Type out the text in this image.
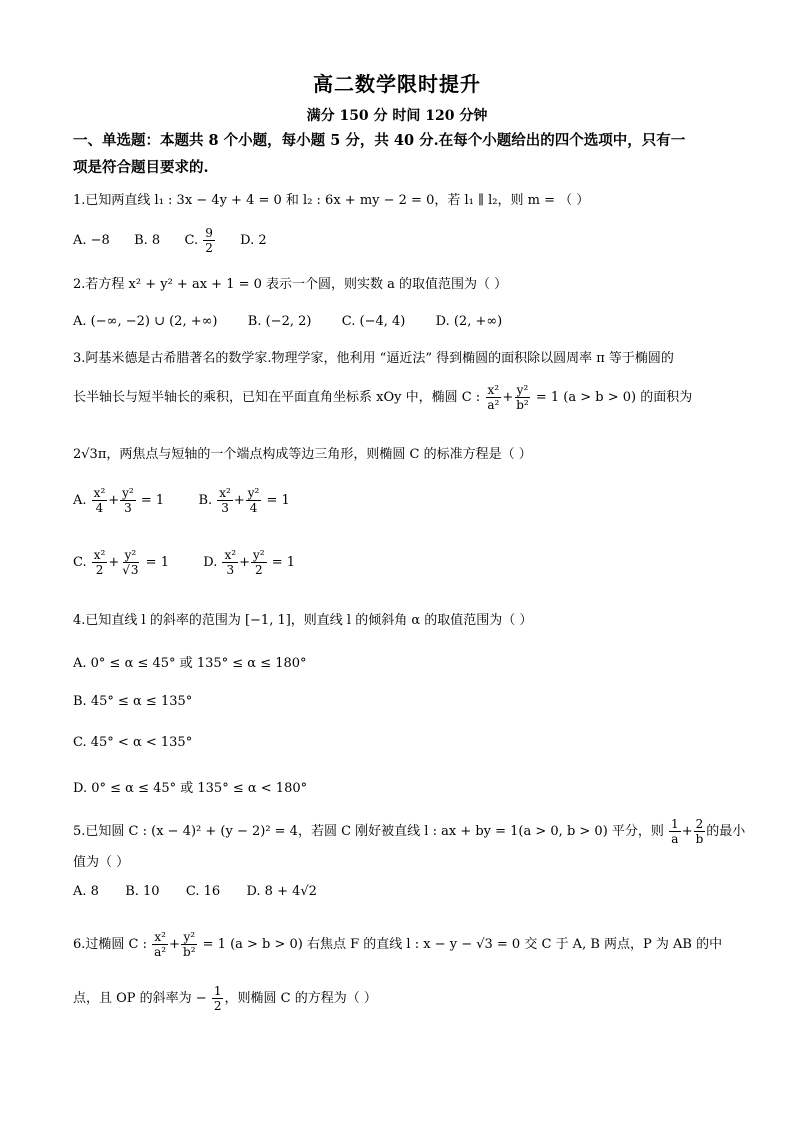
高二数学限时提升
满分 150 分 时间 120 分钟
一、单选题：本题共 8 个小题，每小题 5 分，共 40 分.在每个小题给出的四个选项中，只有一
项是符合题目要求的.
1.已知两直线 l₁ : 3x − 4y + 4 = 0 和 l₂ : 6x + my − 2 = 0，若 l₁ ∥ l₂，则 m = （ ）
A. −8 B. 8 C. $\frac{9}{2} D$. 2
2.若方程 x² + y² + ax + 1 = 0 表示一个圆，则实数 a 的取值范围为（ ）
A. (−∞, −2) ∪ (2, +∞) B. (−2, 2) C. (−4, 4) D. (2, +∞)
3.阿基米德是古希腊著名的数学家.物理学家，他利用 “逼近法” 得到椭圆的面积除以圆周率 π 等于椭圆的
长半轴长与短半轴长的乘积，已知在平面直角坐标系 xOy 中，椭圆 C : $\frac{\text{x²}}{\text{a²}} + \frac{\text{y²}}{\text{b²}} = 1$ (a > b > 0) 的面积为
2√3π，两焦点与短轴的一个端点构成等边三角形，则椭圆 C 的标准方程是（ ）
A. $\frac{\text{x²}}{4} + \frac{\text{y²}}{3} = 1$  B. $\frac{\text{x²}}{3} + \frac{\text{y²}}{4} = 1$
C. $\frac{\text{x²}}{2} + \frac{\text{y²}}{√3} = 1$  D. $\frac{\text{x²}}{3} + \frac{\text{y²}}{2} = 1$
4.已知直线 l 的斜率的范围为 [−1, 1]，则直线 l 的倾斜角 α 的取值范围为（ ）
A. 0° ≤ α ≤ 45° 或 135° ≤ α ≤ 180°
B. 45° ≤ α ≤ 135°
C. 45° < α < 135°
D. 0° ≤ α ≤ 45° 或 135° ≤ α < 180°
5.已知圆 C : (x − 4)² + (y − 2)² = 4，若圆 C 刚好被直线 l : ax + by = 1(a > 0, b > 0) 平分，则 $\frac{1}{a} + \frac{2}{b}$ 的最小
值为（ ）
A. 8 B. 10 C. 16 D. 8 + 4√2
6.过椭圆 C : $\frac{\text{x²}}{\text{a²}} + \frac{\text{y²}}{\text{b²}} = 1$ (a > b > 0) 右焦点 F 的直线 l : x − y − √3 = 0 交 C 于 A, B 两点，P 为 AB 的中
点，且 OP 的斜率为 − $\frac{1}{2}$ ，则椭圆 C 的方程为（ ）
